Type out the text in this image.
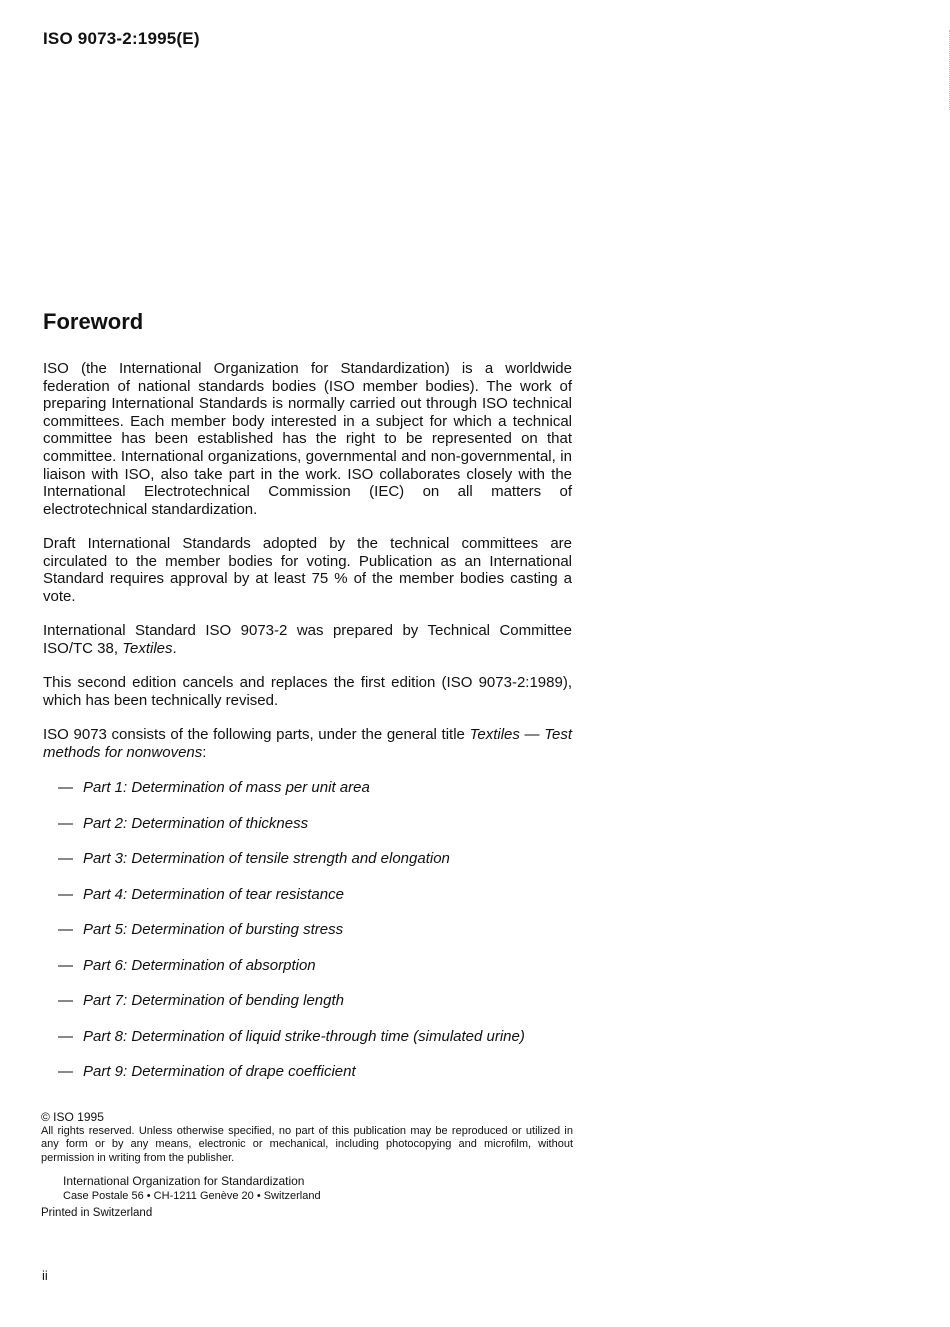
ISO 9073-2:1995(E)
Foreword

ISO (the International Organization for Standardization) is a worldwide federation of national standards bodies (ISO member bodies). The work of preparing International Standards is normally carried out through ISO technical committees. Each member body interested in a subject for which a technical committee has been established has the right to be represented on that committee. International organizations, governmental and non-governmental, in liaison with ISO, also take part in the work. ISO collaborates closely with the International Electrotechnical Commission (IEC) on all matters of electrotechnical standardization.

Draft International Standards adopted by the technical committees are circulated to the member bodies for voting. Publication as an International Standard requires approval by at least 75 % of the member bodies casting a vote.

International Standard ISO 9073-2 was prepared by Technical Committee ISO/TC 38, Textiles.

This second edition cancels and replaces the first edition (ISO 9073-2:1989), which has been technically revised.

ISO 9073 consists of the following parts, under the general title Textiles — Test methods for nonwovens:

— Part 1: Determination of mass per unit area
— Part 2: Determination of thickness
— Part 3: Determination of tensile strength and elongation
— Part 4: Determination of tear resistance
— Part 5: Determination of bursting stress
— Part 6: Determination of absorption
— Part 7: Determination of bending length
— Part 8: Determination of liquid strike-through time (simulated urine)
— Part 9: Determination of drape coefficient
© ISO 1995
All rights reserved. Unless otherwise specified, no part of this publication may be reproduced or utilized in any form or by any means, electronic or mechanical, including photocopying and microfilm, without permission in writing from the publisher.
International Organization for Standardization
Case Postale 56 • CH-1211 Genève 20 • Switzerland
Printed in Switzerland
ii
